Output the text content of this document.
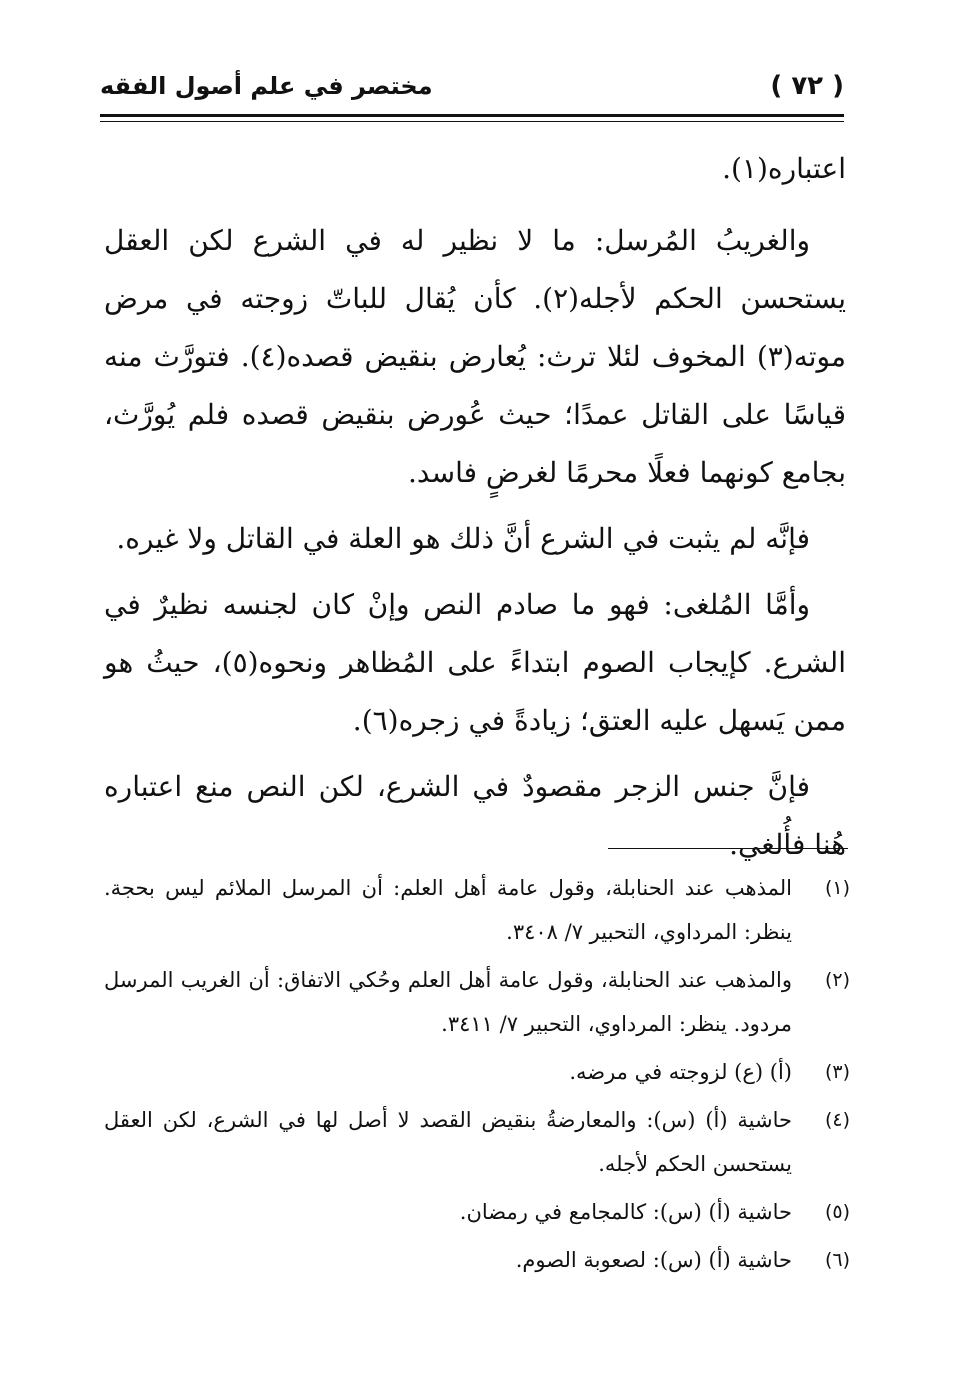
( ٧٢ )
مختصر في علم أصول الفقه

اعتباره(١).

والغريبُ المُرسل: ما لا نظير له في الشرع لكن العقل يستحسن الحكم لأجله(٢). كأن يُقال للباتّ زوجته في مرض موته(٣) المخوف لئلا ترث: يُعارض بنقيض قصده(٤). فتورَّث منه قياسًا على القاتل عمدًا؛ حيث عُورض بنقيض قصده فلم يُورَّث، بجامع كونهما فعلًا محرمًا لغرضٍ فاسد.

فإنَّه لم يثبت في الشرع أنَّ ذلك هو العلة في القاتل ولا غيره.

وأمَّا المُلغى: فهو ما صادم النص وإنْ كان لجنسه نظيرٌ في الشرع. كإيجاب الصوم ابتداءً على المُظاهر ونحوه(٥)، حيثُ هو ممن يَسهل عليه العتق؛ زيادةً في زجره(٦).

فإنَّ جنس الزجر مقصودٌ في الشرع، لكن النص منع اعتباره هُنا فأُلغي.

(١)
المذهب عند الحنابلة، وقول عامة أهل العلم: أن المرسل الملائم ليس بحجة. ينظر: المرداوي، التحبير ٧/ ٣٤٠٨.
(٢)
والمذهب عند الحنابلة، وقول عامة أهل العلم وحُكي الاتفاق: أن الغريب المرسل مردود. ينظر: المرداوي، التحبير ٧/ ٣٤١١.
(٣)
(أ) (ع) لزوجته في مرضه.
(٤)
حاشية (أ) (س): والمعارضةُ بنقيض القصد لا أصل لها في الشرع، لكن العقل يستحسن الحكم لأجله.
(٥)
حاشية (أ) (س): كالمجامع في رمضان.
(٦)
حاشية (أ) (س): لصعوبة الصوم.
